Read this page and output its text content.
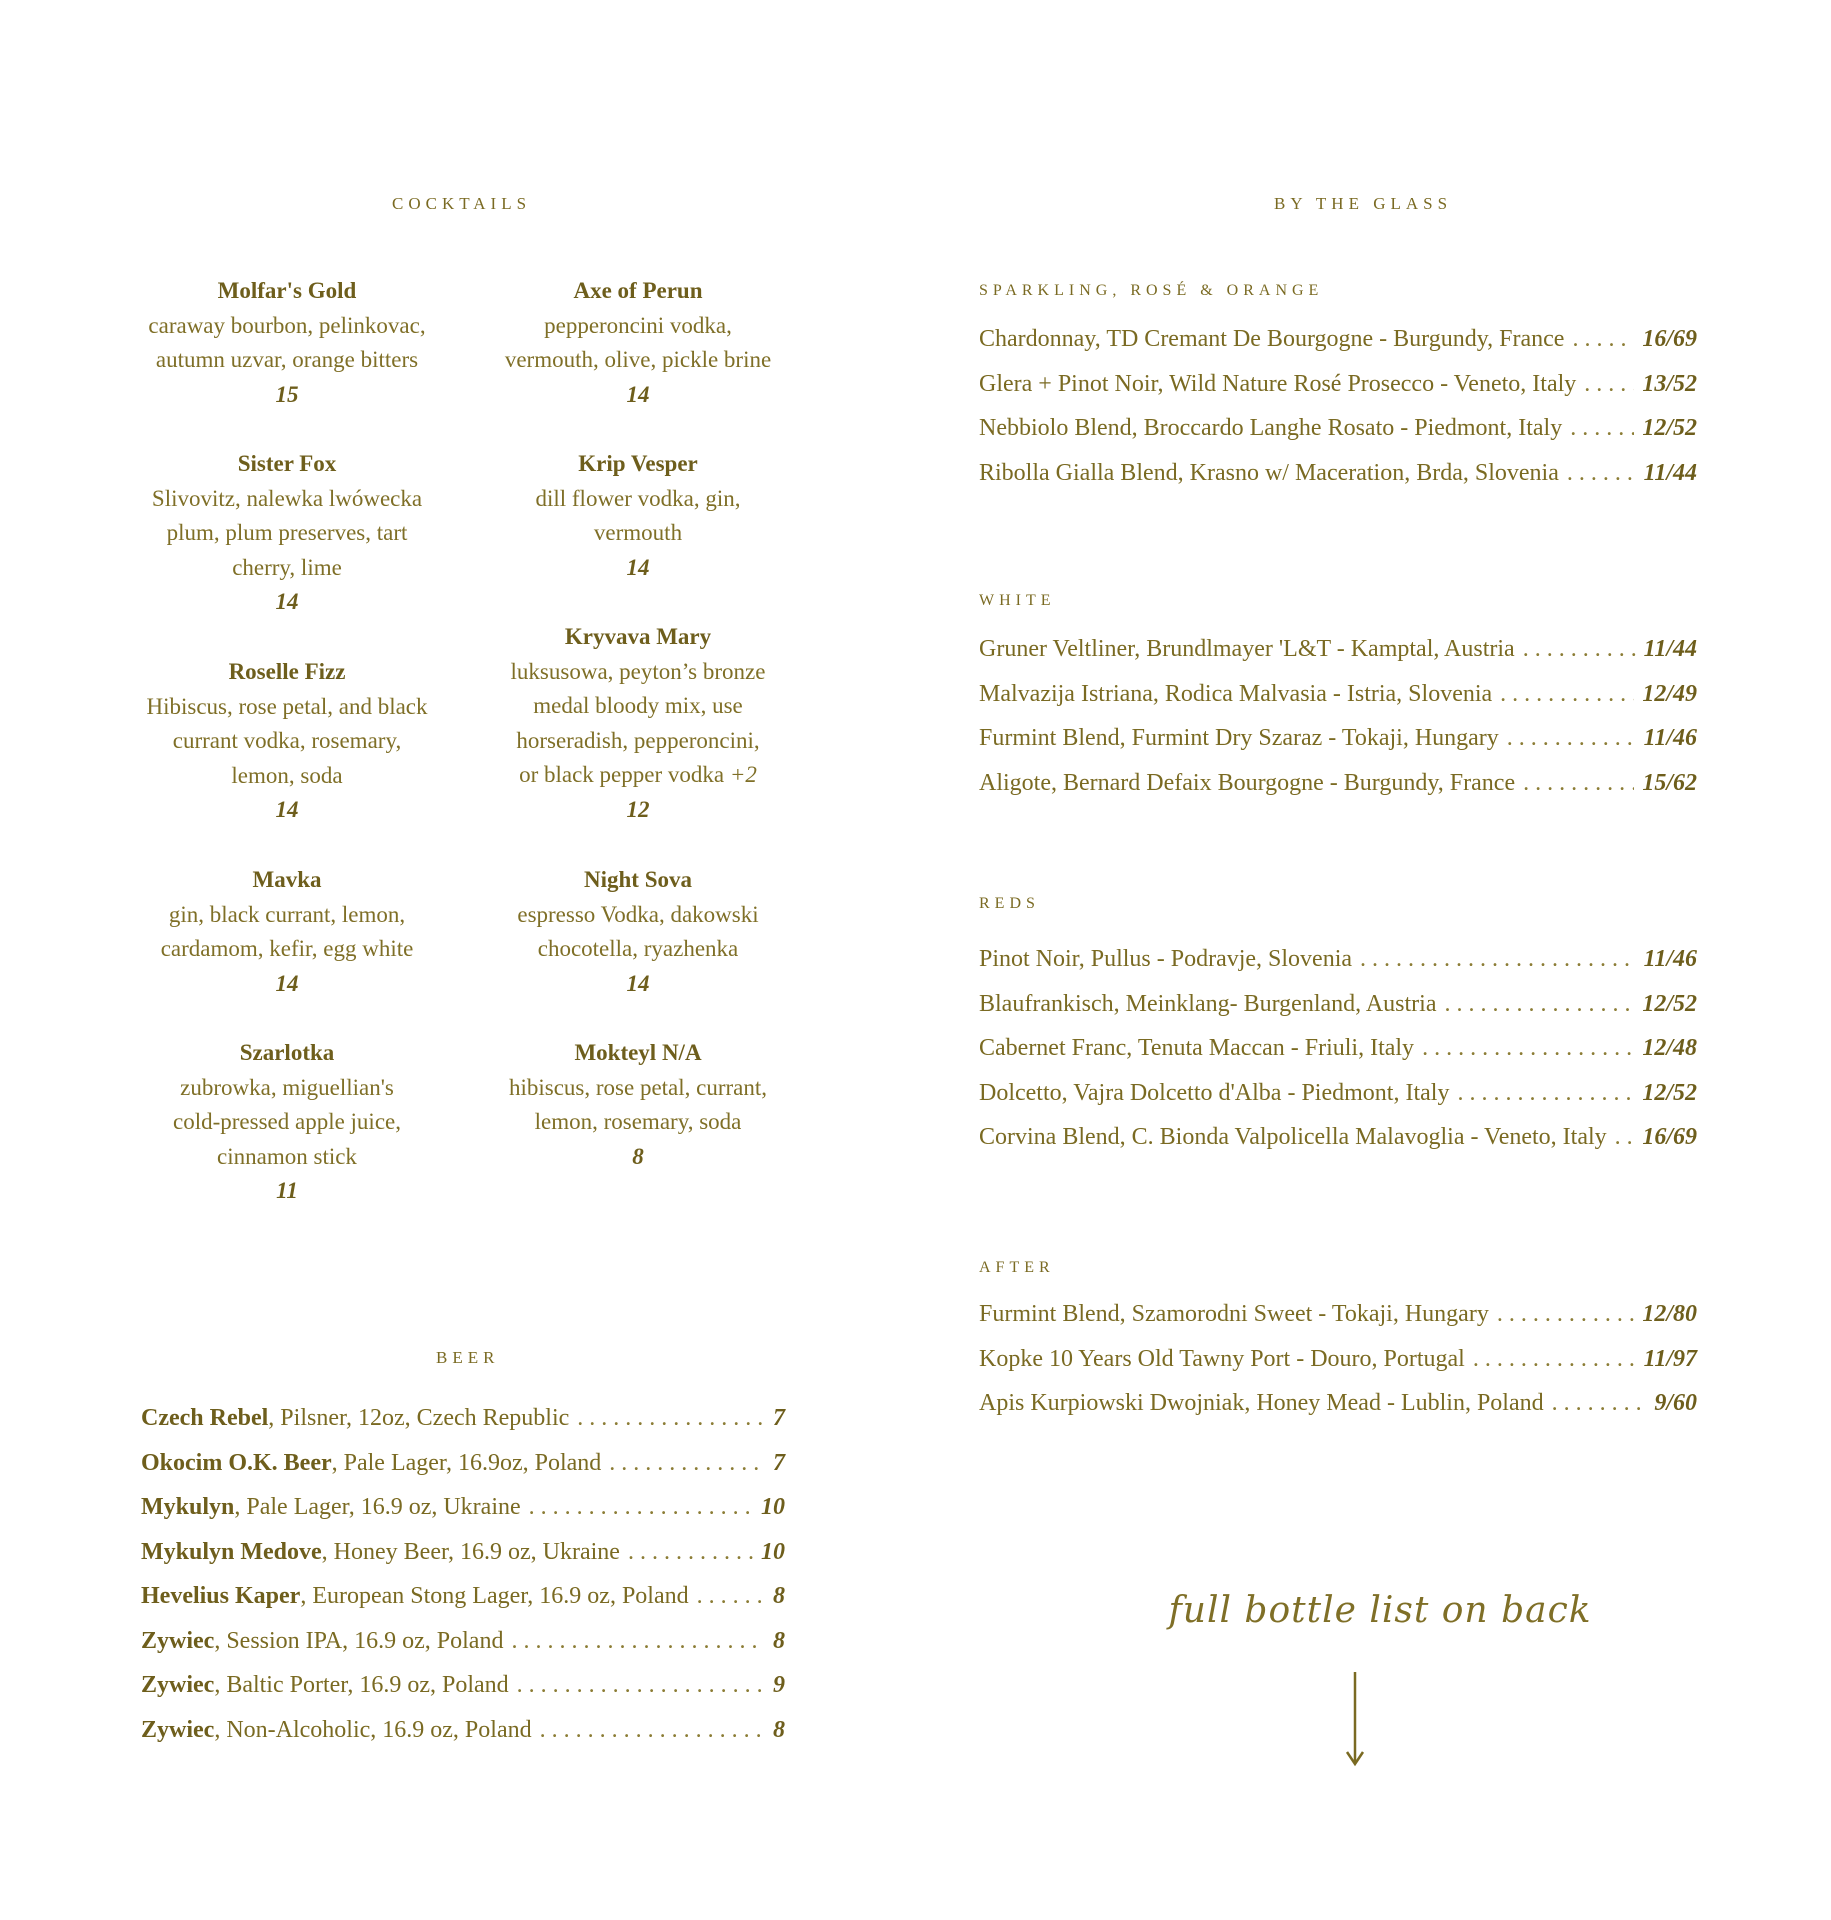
COCKTAILS
Molfar's Gold
caraway bourbon, pelinkovac,
autumn uzvar, orange bitters
15
Axe of Perun
pepperoncini vodka,
vermouth, olive, pickle brine
14
Sister Fox
Slivovitz, nalewka lwówecka
plum, plum preserves, tart
cherry, lime
14
Krip Vesper
dill flower vodka, gin,
vermouth
14
Roselle Fizz
Hibiscus, rose petal, and black
currant vodka, rosemary,
lemon, soda
14
Kryvava Mary
luksusowa, peyton’s bronze
medal bloody mix, use
horseradish, pepperoncini,
or black pepper vodka +2
12
Mavka
gin, black currant, lemon,
cardamom, kefir, egg white
14
Night Sova
espresso Vodka, dakowski
chocotella, ryazhenka
14
Szarlotka
zubrowka, miguellian's
cold-pressed apple juice,
cinnamon stick
11
Mokteyl N/A
hibiscus, rose petal, currant,
lemon, rosemary, soda
8
BEER
Czech Rebel, Pilsner, 12oz, Czech Republic . . .	7
Okocim O.K. Beer, Pale Lager, 16.9oz, Poland . . .	7
Mykulyn, Pale Lager, 16.9 oz, Ukraine . . .	10
Mykulyn Medove, Honey Beer, 16.9 oz, Ukraine . . .	10
Hevelius Kaper, European Stong Lager, 16.9 oz, Poland . . .	8
Zywiec, Session IPA, 16.9 oz, Poland . . .	8
Zywiec, Baltic Porter, 16.9 oz, Poland . . .	9
Zywiec, Non-Alcoholic, 16.9 oz, Poland . . .	8
BY THE GLASS
SPARKLING, ROSÉ & ORANGE
Chardonnay, TD Cremant De Bourgogne - Burgundy, France . . .	16/69
Glera + Pinot Noir, Wild Nature Rosé Prosecco - Veneto, Italy . . .	13/52
Nebbiolo Blend, Broccardo Langhe Rosato - Piedmont, Italy . . .	12/52
Ribolla Gialla Blend, Krasno w/ Maceration, Brda, Slovenia . . .	11/44
WHITE
Gruner Veltliner, Brundlmayer 'L&T - Kamptal, Austria . . .	11/44
Malvazija Istriana, Rodica Malvasia - Istria, Slovenia . . .	12/49
Furmint Blend, Furmint Dry Szaraz - Tokaji, Hungary . . .	11/46
Aligote, Bernard Defaix Bourgogne - Burgundy, France . . .	15/62
REDS
Pinot Noir, Pullus - Podravje, Slovenia . . .	11/46
Blaufrankisch, Meinklang- Burgenland, Austria . . .	12/52
Cabernet Franc, Tenuta Maccan - Friuli, Italy . . .	12/48
Dolcetto, Vajra Dolcetto d'Alba - Piedmont, Italy . . .	12/52
Corvina Blend, C. Bionda Valpolicella Malavoglia - Veneto, Italy . . . 16/69
AFTER
Furmint Blend, Szamorodni Sweet - Tokaji, Hungary . . .	12/80
Kopke 10 Years Old Tawny Port - Douro, Portugal . . .	11/97
Apis Kurpiowski Dwojniak, Honey Mead - Lublin, Poland . . .	9/60
full bottle list on back
